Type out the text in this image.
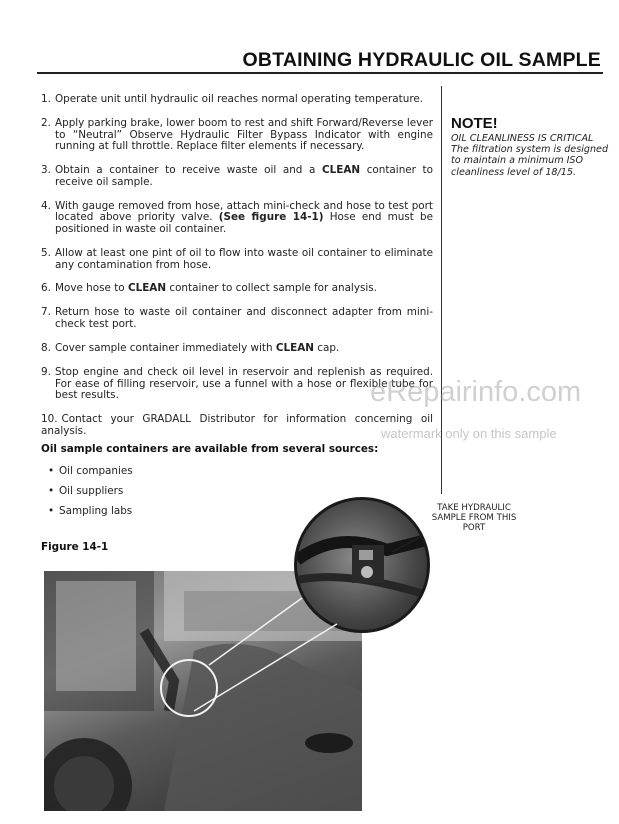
OBTAINING HYDRAULIC OIL SAMPLE
1. Operate unit until hydraulic oil reaches normal operating temperature.
2. Apply parking brake, lower boom to rest and shift Forward/Reverse lever to “Neutral” Observe Hydraulic Filter Bypass Indicator with engine running at full throttle. Replace filter elements if necessary.
3. Obtain a container to receive waste oil and a CLEAN container to receive oil sample.
4. With gauge removed from hose, attach mini-check and hose to test port located above priority valve. (See figure 14-1) Hose end must be positioned in waste oil container.
5. Allow at least one pint of oil to flow into waste oil container to eliminate any contamination from hose.
6. Move hose to CLEAN container to collect sample for analysis.
7. Return hose to waste oil container and disconnect adapter from mini-check test port.
8. Cover sample container immediately with CLEAN cap.
9. Stop engine and check oil level in reservoir and replenish as required. For ease of filling reservoir, use a funnel with a hose or flexible tube for best results.
10. Contact your GRADALL Distributor for information concerning oil analysis.
Oil sample containers are available from several sources:
• Oil companies
• Oil suppliers
• Sampling labs
Figure 14-1
NOTE!
OIL CLEANLINESS IS CRITICAL
The filtration system is designed to maintain a minimum ISO cleanliness level of 18/15.
TAKE HYDRAULIC
SAMPLE FROM THIS
PORT
eRepairinfo.com
watermark only on this sample
